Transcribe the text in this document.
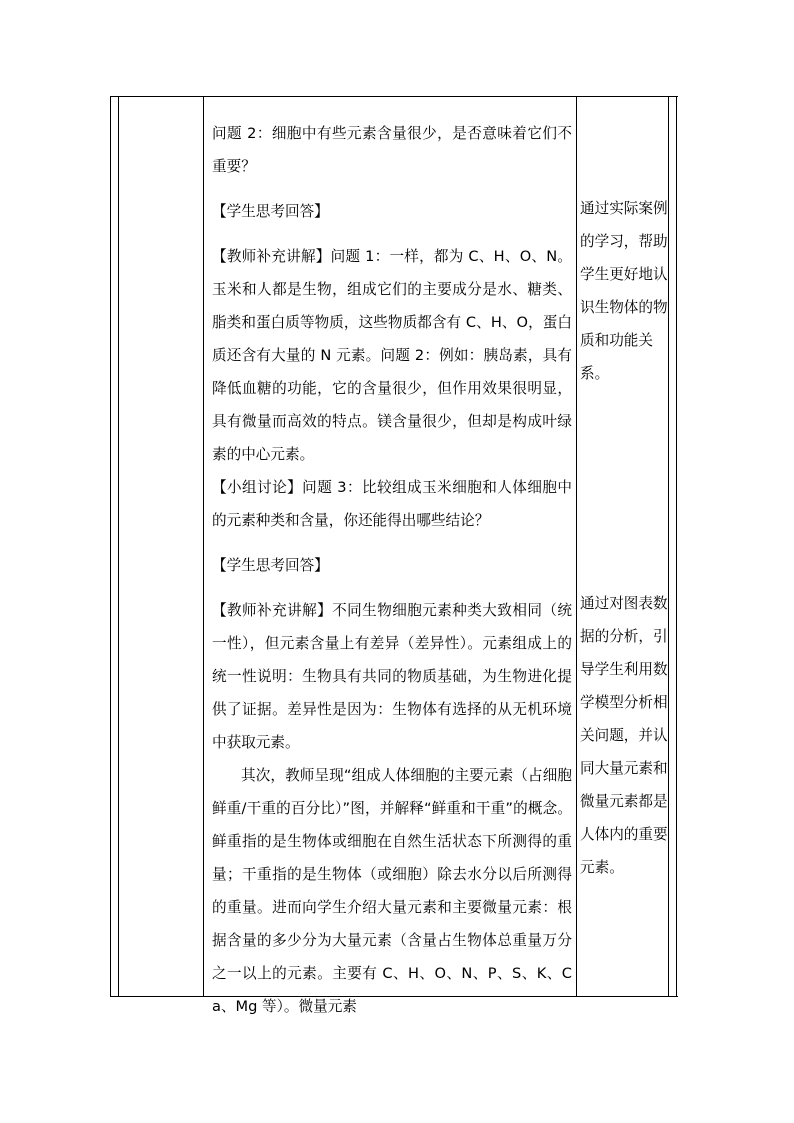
问题 2：细胞中有些元素含量很少，是否意味着它们不重要？

【学生思考回答】

【教师补充讲解】问题 1：一样，都为 C、H、O、N。玉米和人都是生物，组成它们的主要成分是水、糖类、脂类和蛋白质等物质，这些物质都含有 C、H、O，蛋白质还含有大量的 N 元素。问题 2：例如：胰岛素，具有降低血糖的功能，它的含量很少，但作用效果很明显，具有微量而高效的特点。镁含量很少，但却是构成叶绿素的中心元素。

【小组讨论】问题 3：比较组成玉米细胞和人体细胞中的元素种类和含量，你还能得出哪些结论？

【学生思考回答】

【教师补充讲解】不同生物细胞元素种类大致相同（统一性），但元素含量上有差异（差异性）。元素组成上的统一性说明：生物具有共同的物质基础，为生物进化提供了证据。差异性是因为：生物体有选择的从无机环境中获取元素。

其次，教师呈现“组成人体细胞的主要元素（占细胞鲜重/干重的百分比）”图，并解释“鲜重和干重”的概念。鲜重指的是生物体或细胞在自然生活状态下所测得的重量；干重指的是生物体（或细胞）除去水分以后所测得的重量。进而向学生介绍大量元素和主要微量元素：根据含量的多少分为大量元素（含量占生物体总重量万分之一以上的元素。主要有 C、H、O、N、P、S、K、Ca、Mg 等）。微量元素

通过实际案例的学习，帮助学生更好地认识生物体的物质和功能关系。

通过对图表数据的分析，引导学生利用数学模型分析相关问题，并认同大量元素和微量元素都是人体内的重要元素。
